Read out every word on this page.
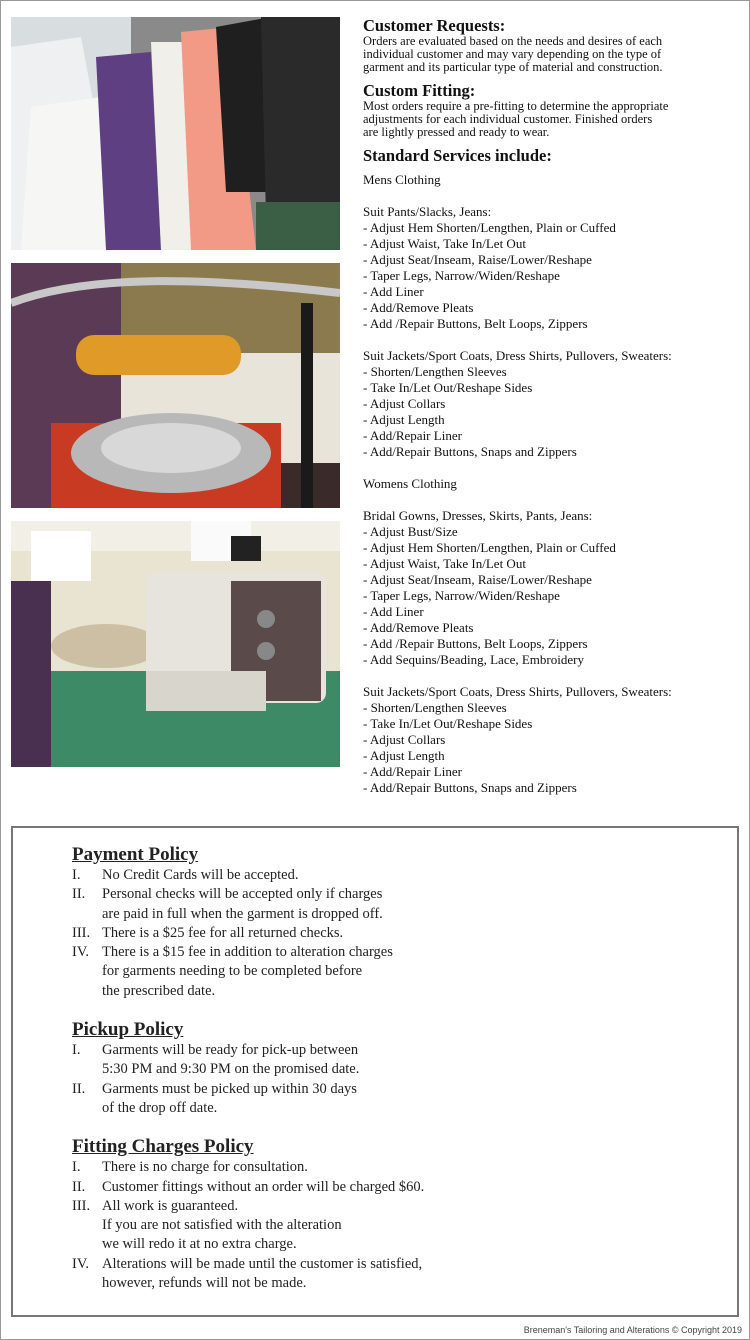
Customer Requests:
Orders are evaluated based on the needs and desires of each
individual customer and may vary depending on the type of
garment and its particular type of material and construction.
Custom Fitting:
Most orders require a pre-fitting to determine the appropriate
adjustments for each individual customer. Finished orders
are lightly pressed and ready to wear.
Standard Services include:
Mens Clothing
Suit Pants/Slacks, Jeans:
- Adjust Hem Shorten/Lengthen, Plain or Cuffed
- Adjust Waist, Take In/Let Out
- Adjust Seat/Inseam, Raise/Lower/Reshape
- Taper Legs, Narrow/Widen/Reshape
- Add Liner
- Add/Remove Pleats
- Add /Repair Buttons, Belt Loops, Zippers
Suit Jackets/Sport Coats, Dress Shirts, Pullovers, Sweaters:
- Shorten/Lengthen Sleeves
- Take In/Let Out/Reshape Sides
- Adjust Collars
- Adjust Length
- Add/Repair Liner
- Add/Repair Buttons, Snaps and Zippers
Womens Clothing
Bridal Gowns, Dresses, Skirts, Pants, Jeans:
- Adjust Bust/Size
- Adjust Hem Shorten/Lengthen, Plain or Cuffed
- Adjust Waist, Take In/Let Out
- Adjust Seat/Inseam, Raise/Lower/Reshape
- Taper Legs, Narrow/Widen/Reshape
- Add Liner
- Add/Remove Pleats
- Add /Repair Buttons, Belt Loops, Zippers
- Add Sequins/Beading, Lace, Embroidery
Suit Jackets/Sport Coats, Dress Shirts, Pullovers, Sweaters:
- Shorten/Lengthen Sleeves
- Take In/Let Out/Reshape Sides
- Adjust Collars
- Adjust Length
- Add/Repair Liner
- Add/Repair Buttons, Snaps and Zippers
Payment Policy
I.	No Credit Cards will be accepted.
II.	Personal checks will be accepted only if charges
are paid in full when the garment is dropped off.
III. There is a $25 fee for all returned checks.
IV. There is a $15 fee in addition to alteration charges
for garments needing to be completed before
the prescribed date.
Pickup Policy
I.	Garments will be ready for pick-up between
5:30 PM and 9:30 PM on the promised date.
II.	Garments must be picked up within 30 days
of the drop off date.
Fitting Charges Policy
I.	There is no charge for consultation.
II.	Customer fittings without an order will be charged $60.
III. All work is guaranteed.
If you are not satisfied with the alteration
we will redo it at no extra charge.
IV. Alterations will be made until the customer is satisfied,
however, refunds will not be made.
Breneman's Tailoring and Alterations © Copyright 2019
